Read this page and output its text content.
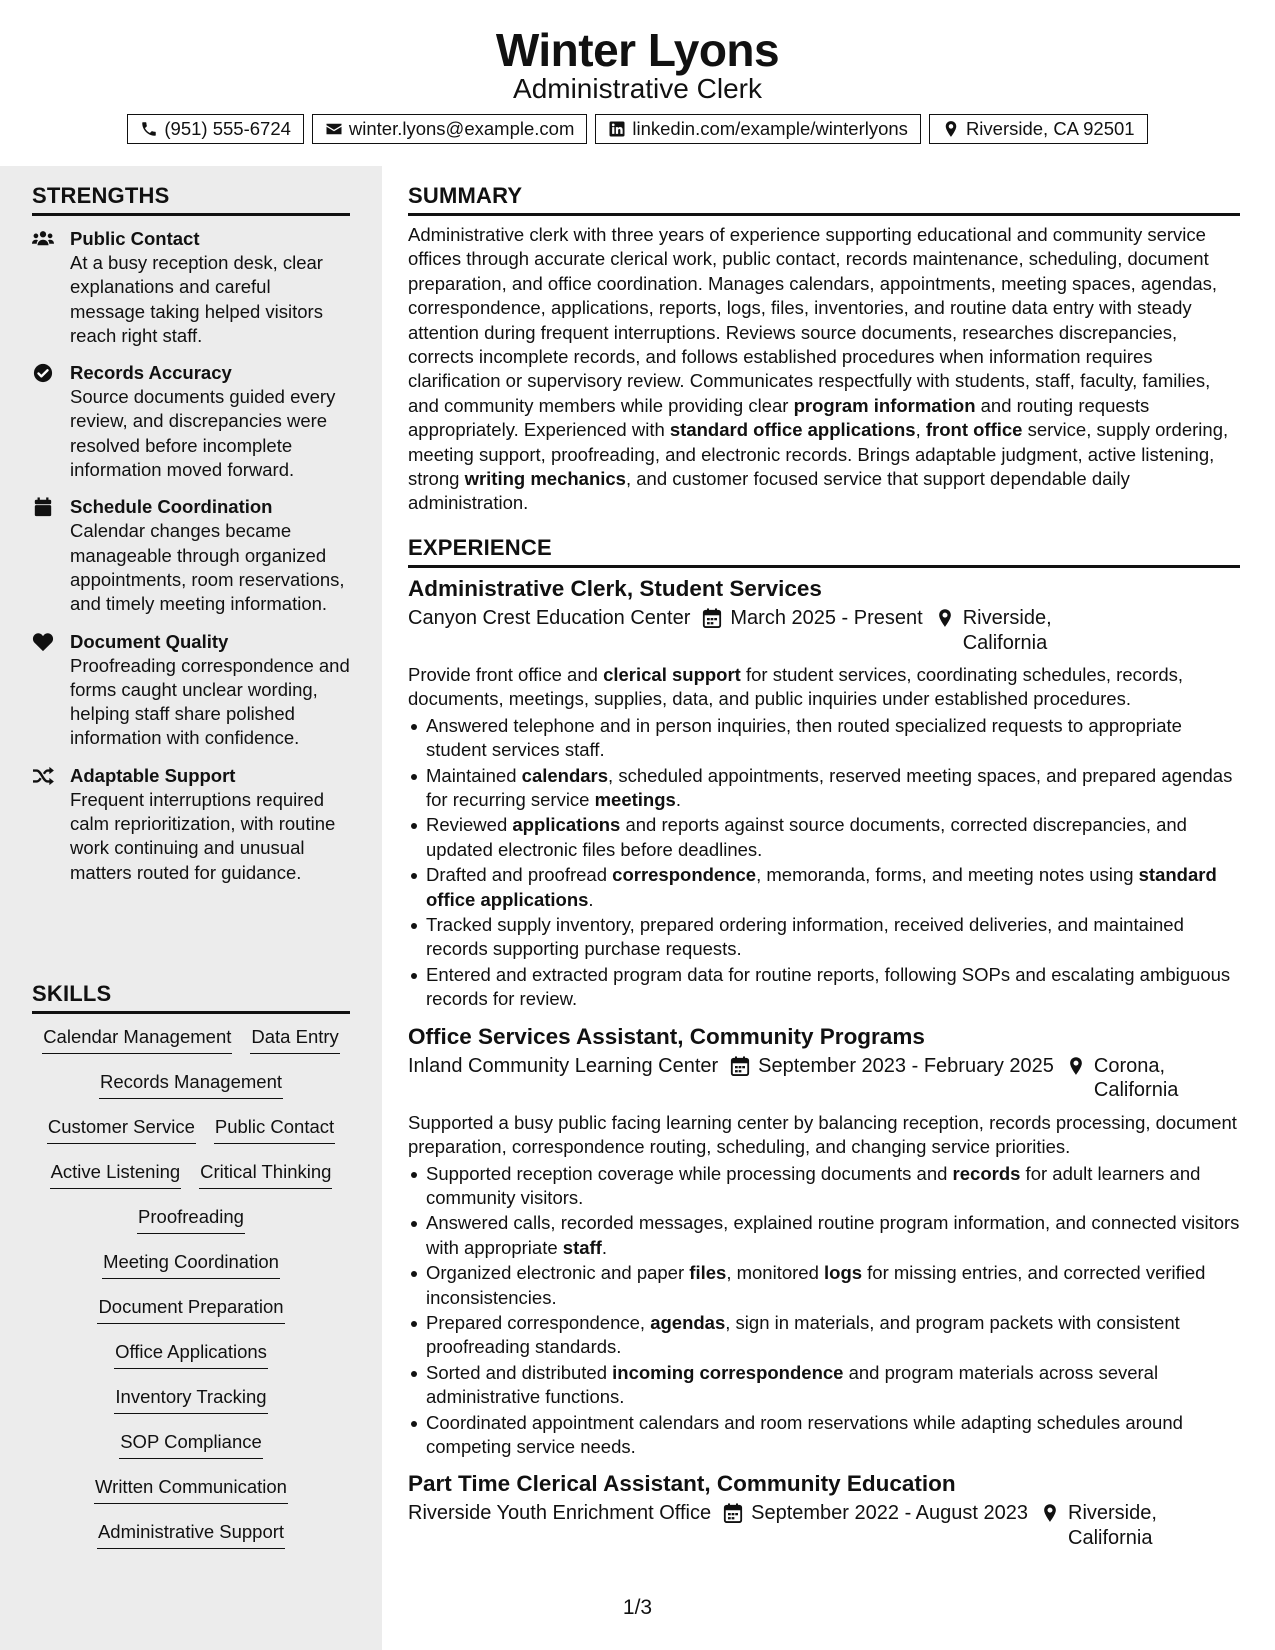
Winter Lyons
Administrative Clerk
(951) 555-6724	winter.lyons@example.com	linkedin.com/example/winterlyons	Riverside, CA 92501
STRENGTHS
Public Contact
At a busy reception desk, clear explanations and careful message taking helped visitors reach right staff.
Records Accuracy
Source documents guided every review, and discrepancies were resolved before incomplete information moved forward.
Schedule Coordination
Calendar changes became manageable through organized appointments, room reservations, and timely meeting information.
Document Quality
Proofreading correspondence and forms caught unclear wording, helping staff share polished information with confidence.
Adaptable Support
Frequent interruptions required calm reprioritization, with routine work continuing and unusual matters routed for guidance.
SKILLS
Calendar Management Data Entry
Records Management
Customer Service Public Contact
Active Listening Critical Thinking
Proofreading
Meeting Coordination
Document Preparation
Office Applications
Inventory Tracking
SOP Compliance
Written Communication
Administrative Support
SUMMARY
Administrative clerk with three years of experience supporting educational and community service offices through accurate clerical work, public contact, records maintenance, scheduling, document preparation, and office coordination. Manages calendars, appointments, meeting spaces, agendas, correspondence, applications, reports, logs, files, inventories, and routine data entry with steady attention during frequent interruptions. Reviews source documents, researches discrepancies, corrects incomplete records, and follows established procedures when information requires clarification or supervisory review. Communicates respectfully with students, staff, faculty, families, and community members while providing clear program information and routing requests appropriately. Experienced with standard office applications, front office service, supply ordering, meeting support, proofreading, and electronic records. Brings adaptable judgment, active listening, strong writing mechanics, and customer focused service that support dependable daily administration.
EXPERIENCE
Administrative Clerk, Student Services
Canyon Crest Education Center March 2025 - Present Riverside, California
Provide front office and clerical support for student services, coordinating schedules, records, documents, meetings, supplies, data, and public inquiries under established procedures.
Answered telephone and in person inquiries, then routed specialized requests to appropriate student services staff.
Maintained calendars, scheduled appointments, reserved meeting spaces, and prepared agendas for recurring service meetings.
Reviewed applications and reports against source documents, corrected discrepancies, and updated electronic files before deadlines.
Drafted and proofread correspondence, memoranda, forms, and meeting notes using standard office applications.
Tracked supply inventory, prepared ordering information, received deliveries, and maintained records supporting purchase requests.
Entered and extracted program data for routine reports, following SOPs and escalating ambiguous records for review.
Office Services Assistant, Community Programs
Inland Community Learning Center September 2023 - February 2025 Corona, California
Supported a busy public facing learning center by balancing reception, records processing, document preparation, correspondence routing, scheduling, and changing service priorities.
Supported reception coverage while processing documents and records for adult learners and community visitors.
Answered calls, recorded messages, explained routine program information, and connected visitors with appropriate staff.
Organized electronic and paper files, monitored logs for missing entries, and corrected verified inconsistencies.
Prepared correspondence, agendas, sign in materials, and program packets with consistent proofreading standards.
Sorted and distributed incoming correspondence and program materials across several administrative functions.
Coordinated appointment calendars and room reservations while adapting schedules around competing service needs.
Part Time Clerical Assistant, Community Education
Riverside Youth Enrichment Office September 2022 - August 2023 Riverside, California
1/3
